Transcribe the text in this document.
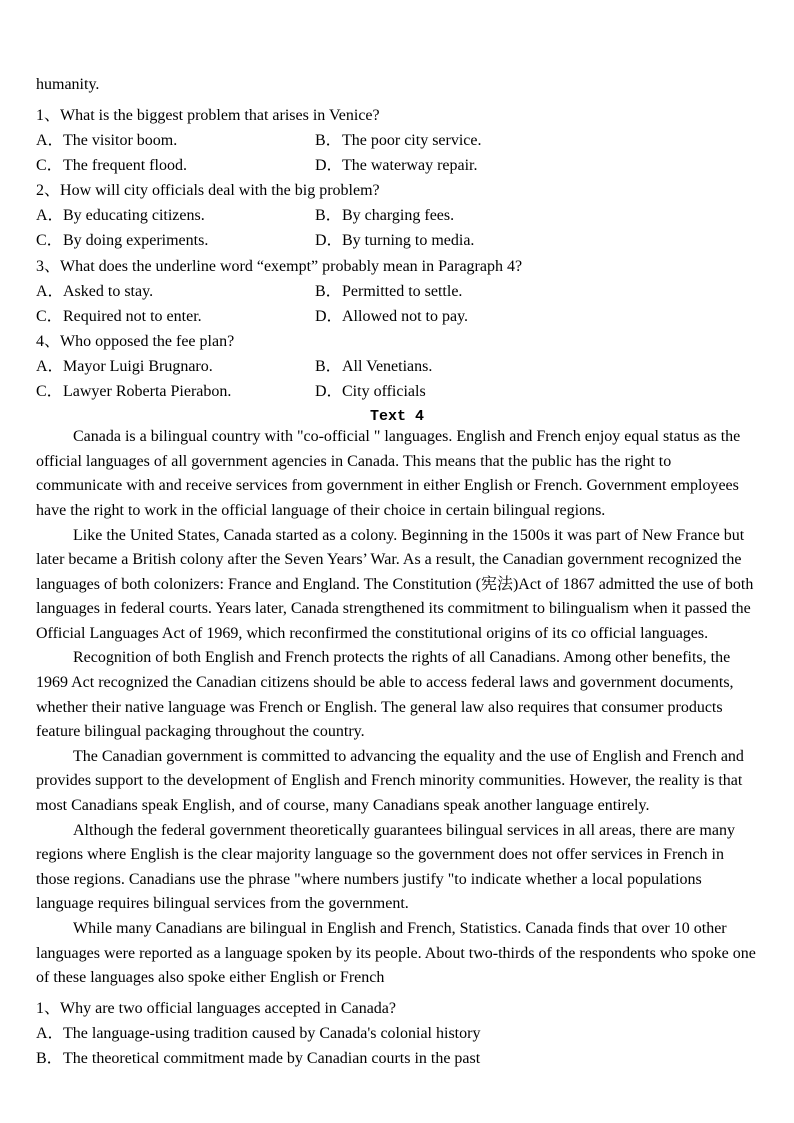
humanity.

1、What is the biggest problem that arises in Venice?
A．The visitor boom.	B．The poor city service.
C．The frequent flood.	D．The waterway repair.
2、How will city officials deal with the big problem?
A．By educating citizens.	B．By charging fees.
C．By doing experiments.	D．By turning to media.
3、What does the underline word “exempt” probably mean in Paragraph 4?
A．Asked to stay.	B．Permitted to settle.
C．Required not to enter.	D．Allowed not to pay.
4、Who opposed the fee plan?
A．Mayor Luigi Brugnaro.	B．All Venetians.
C．Lawyer Roberta Pierabon.	D．City officials
Text 4

Canada is a bilingual country with "co-official " languages. English and French enjoy equal status as the official languages of all government agencies in Canada. This means that the public has the right to communicate with and receive services from government in either English or French. Government employees have the right to work in the official language of their choice in certain bilingual regions.

Like the United States, Canada started as a colony. Beginning in the 1500s it was part of New France but later became a British colony after the Seven Years’ War. As a result, the Canadian government recognized the languages of both colonizers: France and England. The Constitution (宪法)Act of 1867 admitted the use of both languages in federal courts. Years later, Canada strengthened its commitment to bilingualism when it passed the Official Languages Act of 1969, which reconfirmed the constitutional origins of its co official languages.

Recognition of both English and French protects the rights of all Canadians. Among other benefits, the 1969 Act recognized the Canadian citizens should be able to access federal laws and government documents, whether their native language was French or English. The general law also requires that consumer products feature bilingual packaging throughout the country.

The Canadian government is committed to advancing the equality and the use of English and French and provides support to the development of English and French minority communities. However, the reality is that most Canadians speak English, and of course, many Canadians speak another language entirely.

Although the federal government theoretically guarantees bilingual services in all areas, there are many regions where English is the clear majority language so the government does not offer services in French in those regions. Canadians use the phrase "where numbers justify "to indicate whether a local populations language requires bilingual services from the government.

While many Canadians are bilingual in English and French, Statistics. Canada finds that over 10 other languages were reported as a language spoken by its people. About two-thirds of the respondents who spoke one of these languages also spoke either English or French

1、Why are two official languages accepted in Canada?
A．The language-using tradition caused by Canada's colonial history
B．The theoretical commitment made by Canadian courts in the past
